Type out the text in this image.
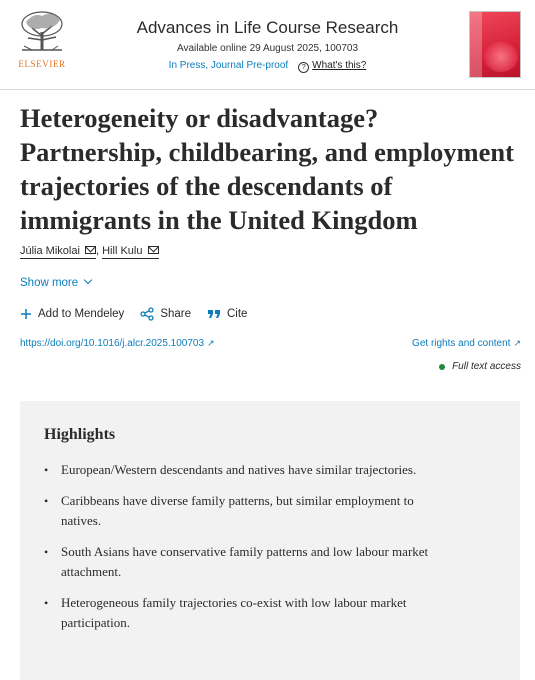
ELSEVIER
Advances in Life Course Research
Available online 29 August 2025, 100703
In Press, Journal Pre-proof ? What's this?
Heterogeneity or disadvantage? Partnership, childbearing, and employment trajectories of the descendants of immigrants in the United Kingdom
Júlia Mikolai , Hill Kulu
Show more
Add to Mendeley	Share	Cite
https://doi.org/10.1016/j.alcr.2025.100703 ↗	Get rights and content ↗
Full text access
Highlights
• European/Western descendants and natives have similar trajectories.
• Caribbeans have diverse family patterns, but similar employment to natives.
• South Asians have conservative family patterns and low labour market attachment.
• Heterogeneous family trajectories co-exist with low labour market participation.
